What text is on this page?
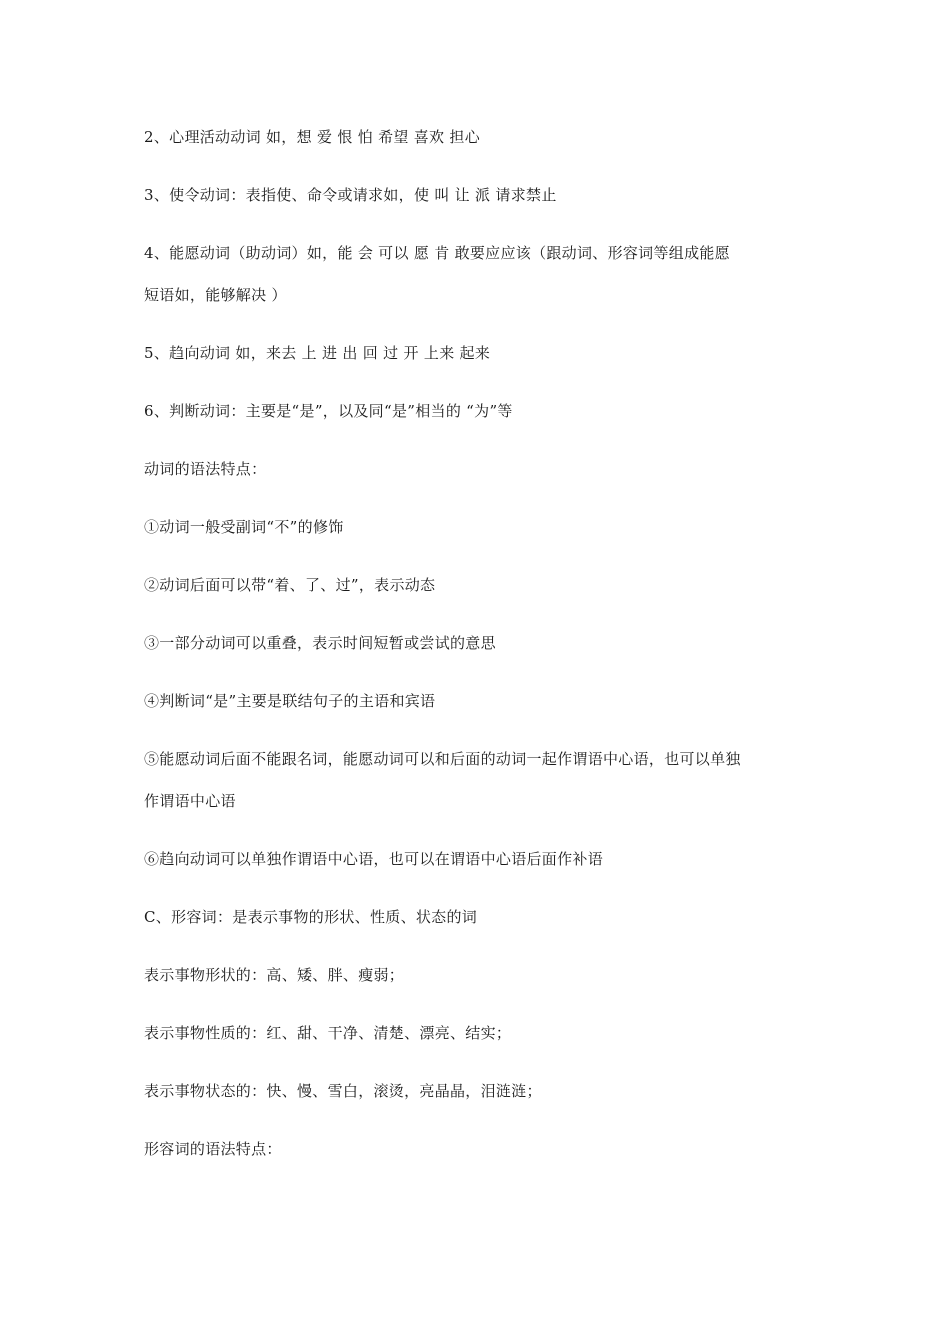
2、心理活动动词 如，想 爱 恨 怕 希望 喜欢 担心
3、使令动词：表指使、命令或请求如，使 叫 让 派 请求禁止
4、能愿动词（助动词）如，能 会 可以 愿 肯 敢要应应该（跟动词、形容词等组成能愿
短语如，能够解决 ）
5、趋向动词 如，来去 上 进 出 回 过 开 上来 起来
6、判断动词：主要是“是”，以及同“是”相当的 “为”等
动词的语法特点：
①动词一般受副词“不”的修饰
②动词后面可以带“着、了、过”，表示动态
③一部分动词可以重叠，表示时间短暂或尝试的意思
④判断词“是”主要是联结句子的主语和宾语
⑤能愿动词后面不能跟名词，能愿动词可以和后面的动词一起作谓语中心语，也可以单独
作谓语中心语
⑥趋向动词可以单独作谓语中心语，也可以在谓语中心语后面作补语
C、形容词：是表示事物的形状、性质、状态的词
表示事物形状的：高、矮、胖、瘦弱；
表示事物性质的：红、甜、干净、清楚、漂亮、结实；
表示事物状态的：快、慢、雪白，滚烫，亮晶晶，泪涟涟；
形容词的语法特点：
